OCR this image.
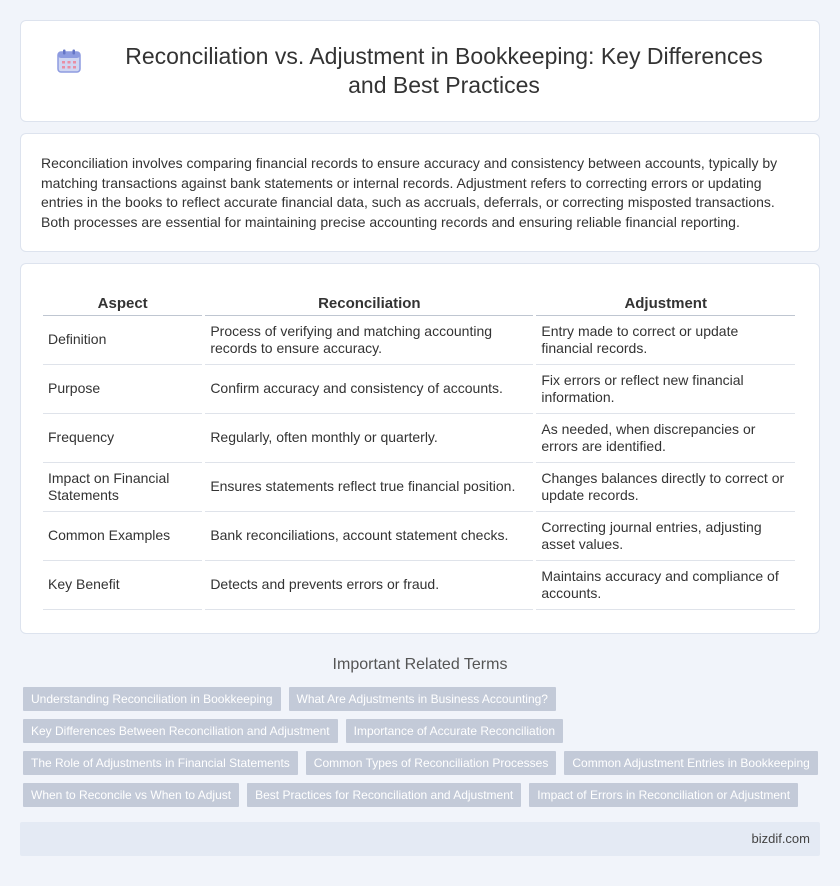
Reconciliation vs. Adjustment in Bookkeeping: Key Differences and Best Practices

Reconciliation involves comparing financial records to ensure accuracy and consistency between accounts, typically by matching transactions against bank statements or internal records. Adjustment refers to correcting errors or updating entries in the books to reflect accurate financial data, such as accruals, deferrals, or correcting misposted transactions. Both processes are essential for maintaining precise accounting records and ensuring reliable financial reporting.

Aspect	Reconciliation	Adjustment
Definition	Process of verifying and matching accounting records to ensure accuracy.	Entry made to correct or update financial records.
Purpose	Confirm accuracy and consistency of accounts.	Fix errors or reflect new financial information.
Frequency	Regularly, often monthly or quarterly.	As needed, when discrepancies or errors are identified.
Impact on Financial Statements	Ensures statements reflect true financial position.	Changes balances directly to correct or update records.
Common Examples	Bank reconciliations, account statement checks.	Correcting journal entries, adjusting asset values.
Key Benefit	Detects and prevents errors or fraud.	Maintains accuracy and compliance of accounts.
Important Related Terms
Understanding Reconciliation in Bookkeeping	What Are Adjustments in Business Accounting?
Key Differences Between Reconciliation and Adjustment	Importance of Accurate Reconciliation
The Role of Adjustments in Financial Statements	Common Types of Reconciliation Processes	Common Adjustment Entries in Bookkeeping
When to Reconcile vs When to Adjust	Best Practices for Reconciliation and Adjustment	Impact of Errors in Reconciliation or Adjustment
bizdif.com
